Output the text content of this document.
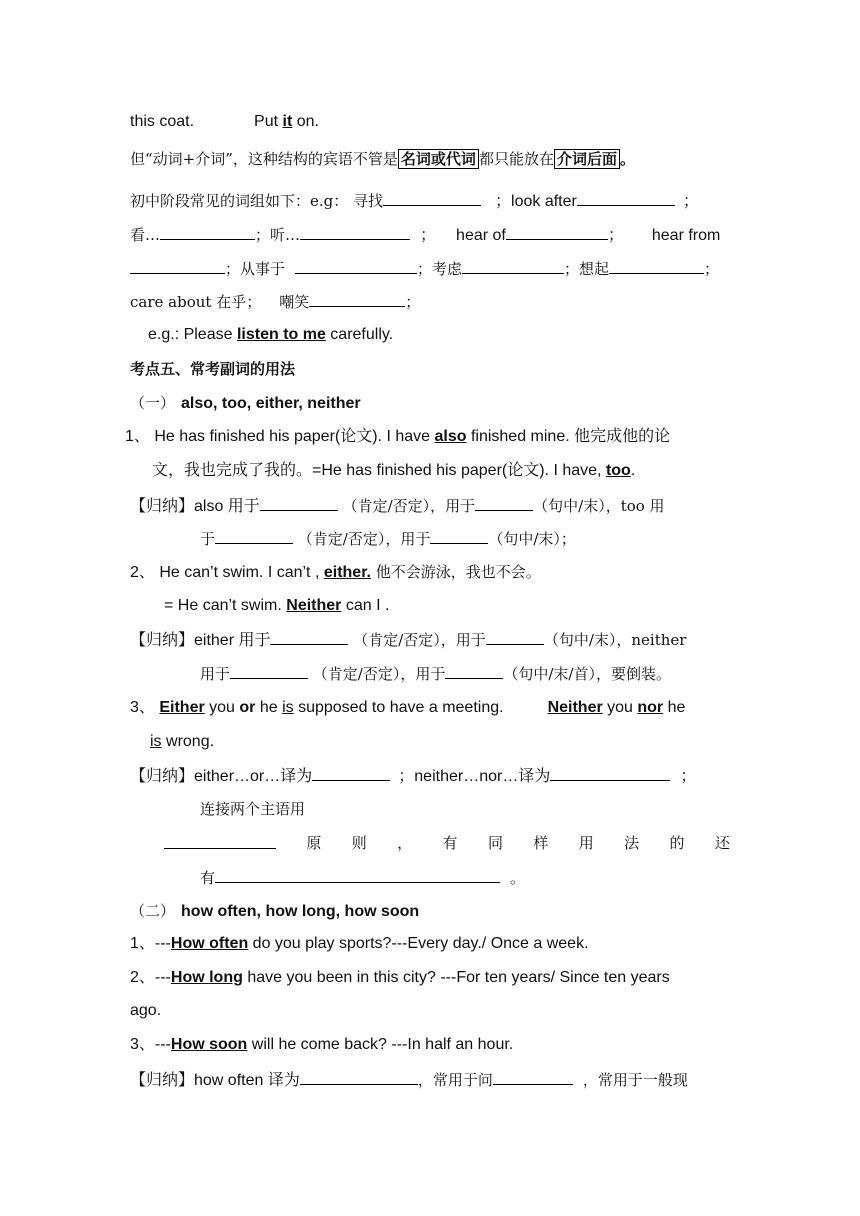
this coat.	Put it on.
但“动词+介词”，这种结构的宾语不管是 名词或代词 都只能放在 介词后面 。
初中阶段常见的词组如下：e.g： 寻找	；look after	；
看…	；听…	； hear of	； hear from
；从事于	；考虑	；想起	；
care about 在乎； 嘲笑	；
e.g.: Please listen to me carefully.
考点五、常考副词的用法
（一） also, too, either, neither
1、 He has finished his paper(论文). I have also finished mine. 他完成他的论
文，我也完成了我的。=He has finished his paper(论文). I have, too.
【归纳】also 用于	（肯定/否定），用于	（句中/末），too 用
于	（肯定/否定），用于	（句中/末）；
2、 He can’t swim. I can’t , either. 他不会游泳，我也不会。
= He can’t swim. Neither can I .
【归纳】either 用于	（肯定/否定），用于	（句中/末），neither
用于	（肯定/否定），用于	（句中/末/首），要倒装。
3、 Either you or he is supposed to have a meeting.	Neither you nor he
is wrong.
【归纳】either…or…译为	；neither…nor…译为	；
连接两个主语用
原 则 ， 有 同 样 用 法 的 还
有	。
（二） how often, how long, how soon
1、---How often do you play sports?---Every day./ Once a week.
2、---How long have you been in this city? ---For ten years/ Since ten years
ago.
3、---How soon will he come back? ---In half an hour.
【归纳】how often 译为	，常用于问	，常用于一般现
